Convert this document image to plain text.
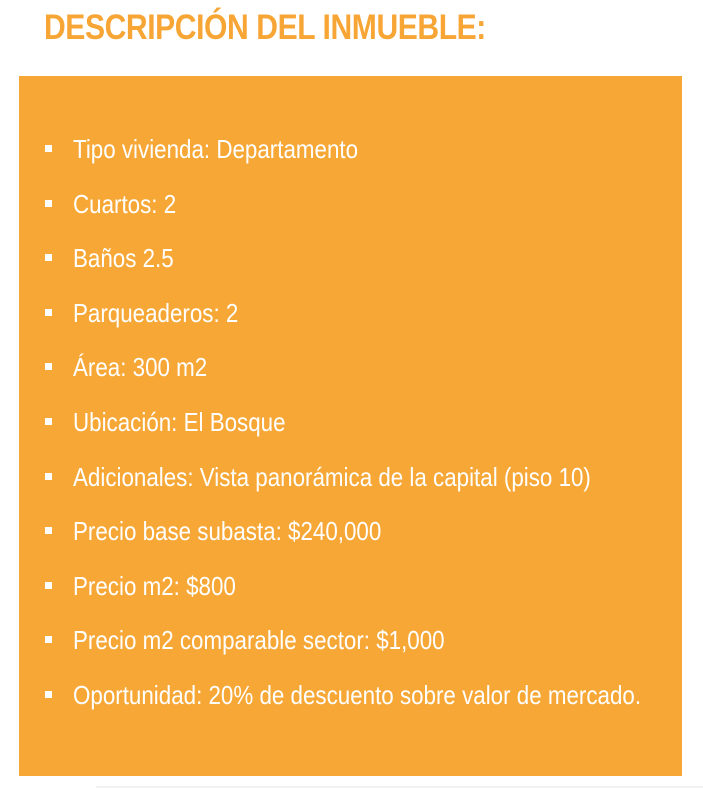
DESCRIPCIÓN DEL INMUEBLE:
Tipo vivienda: Departamento
Cuartos: 2
Baños 2.5
Parqueaderos: 2
Área: 300 m2
Ubicación: El Bosque
Adicionales: Vista panorámica de la capital (piso 10)
Precio base subasta: $240,000
Precio m2: $800
Precio m2 comparable sector: $1,000
Oportunidad: 20% de descuento sobre valor de mercado.
